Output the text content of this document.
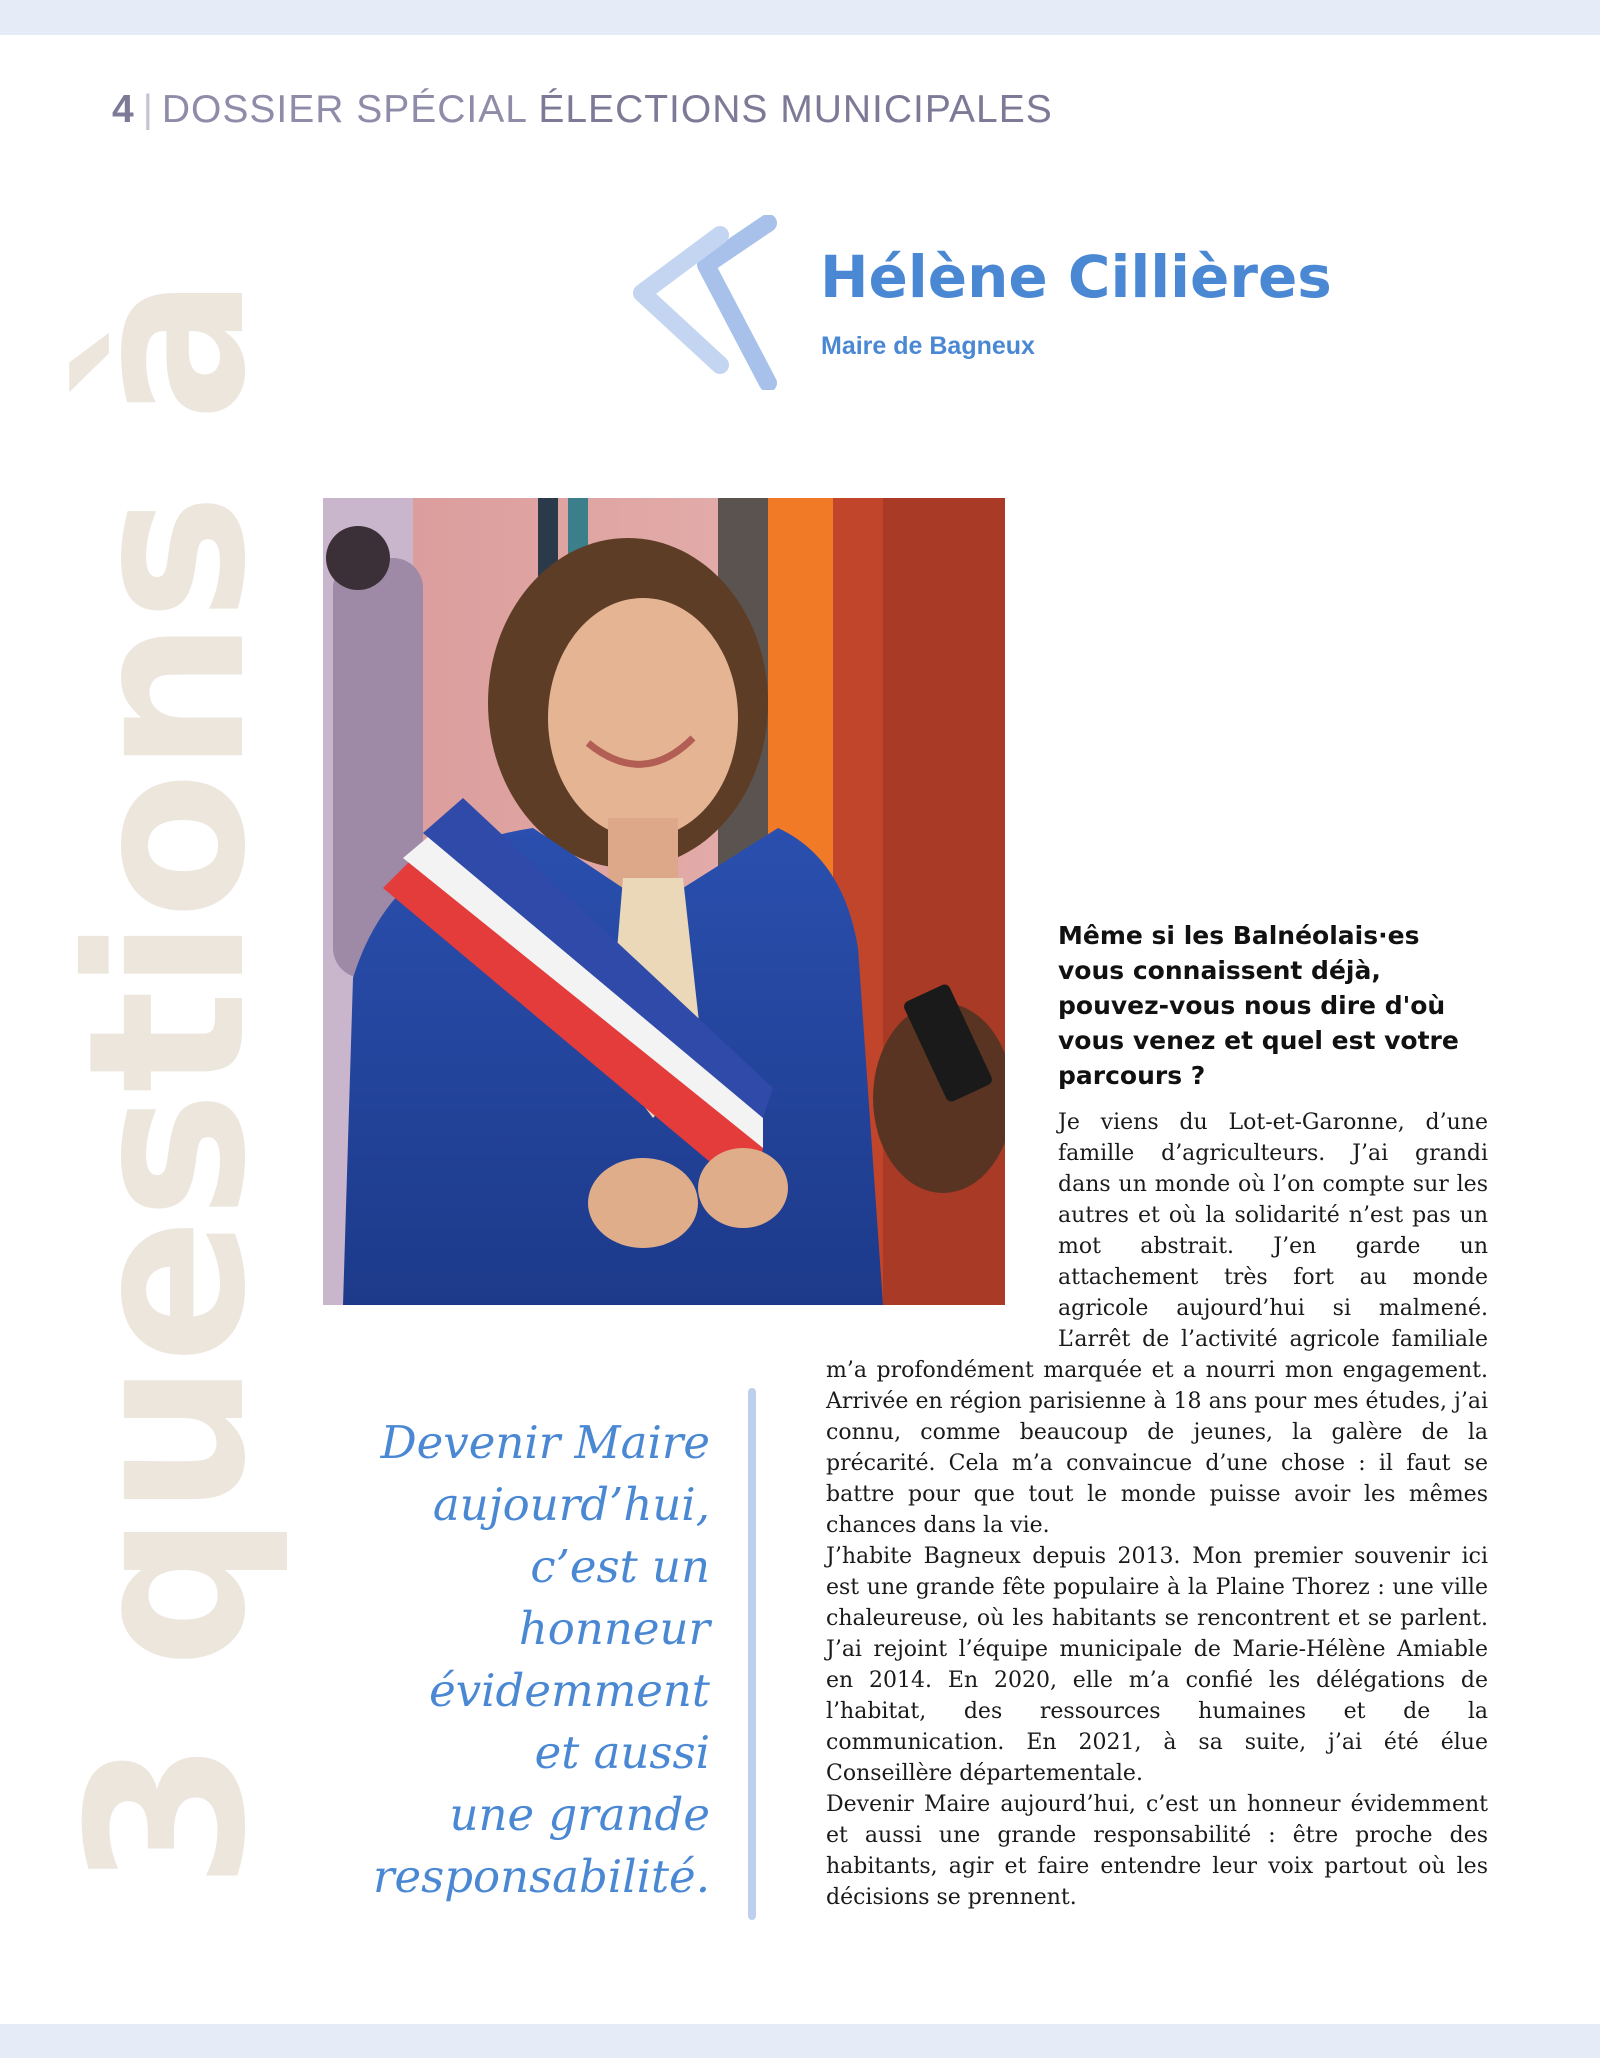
4 | DOSSIER SPÉCIAL ÉLECTIONS MUNICIPALES
3 questions à
Hélène Cillières
Maire de Bagneux
Même si les Balnéolais·es vous connaissent déjà, pouvez-vous nous dire d'où vous venez et quel est votre parcours ?

Je viens du Lot-et-Garonne, d’une famille d’agriculteurs. J’ai grandi dans un monde où l’on compte sur les autres et où la solidarité n’est pas un mot abstrait. J’en garde un attachement très fort au monde agricole aujourd’hui si malmené. L’arrêt de l’activité agricole familiale m’a profondément marquée et a nourri mon engagement. Arrivée en région parisienne à 18 ans pour mes études, j’ai connu, comme beaucoup de jeunes, la galère de la précarité. Cela m’a convaincue d’une chose : il faut se battre pour que tout le monde puisse avoir les mêmes chances dans la vie.

J’habite Bagneux depuis 2013. Mon premier souvenir ici est une grande fête populaire à la Plaine Thorez : une ville chaleureuse, où les habitants se rencontrent et se parlent. J’ai rejoint l’équipe municipale de Marie-Hélène Amiable en 2014. En 2020, elle m’a confié les délégations de l’habitat, des ressources humaines et de la communication. En 2021, à sa suite, j’ai été élue Conseillère départementale.

Devenir Maire aujourd’hui, c’est un honneur évidemment et aussi une grande responsabilité : être proche des habitants, agir et faire entendre leur voix partout où les décisions se prennent.

Devenir Maire
aujourd’hui,
c’est un
honneur
évidemment
et aussi
une grande
responsabilité.
